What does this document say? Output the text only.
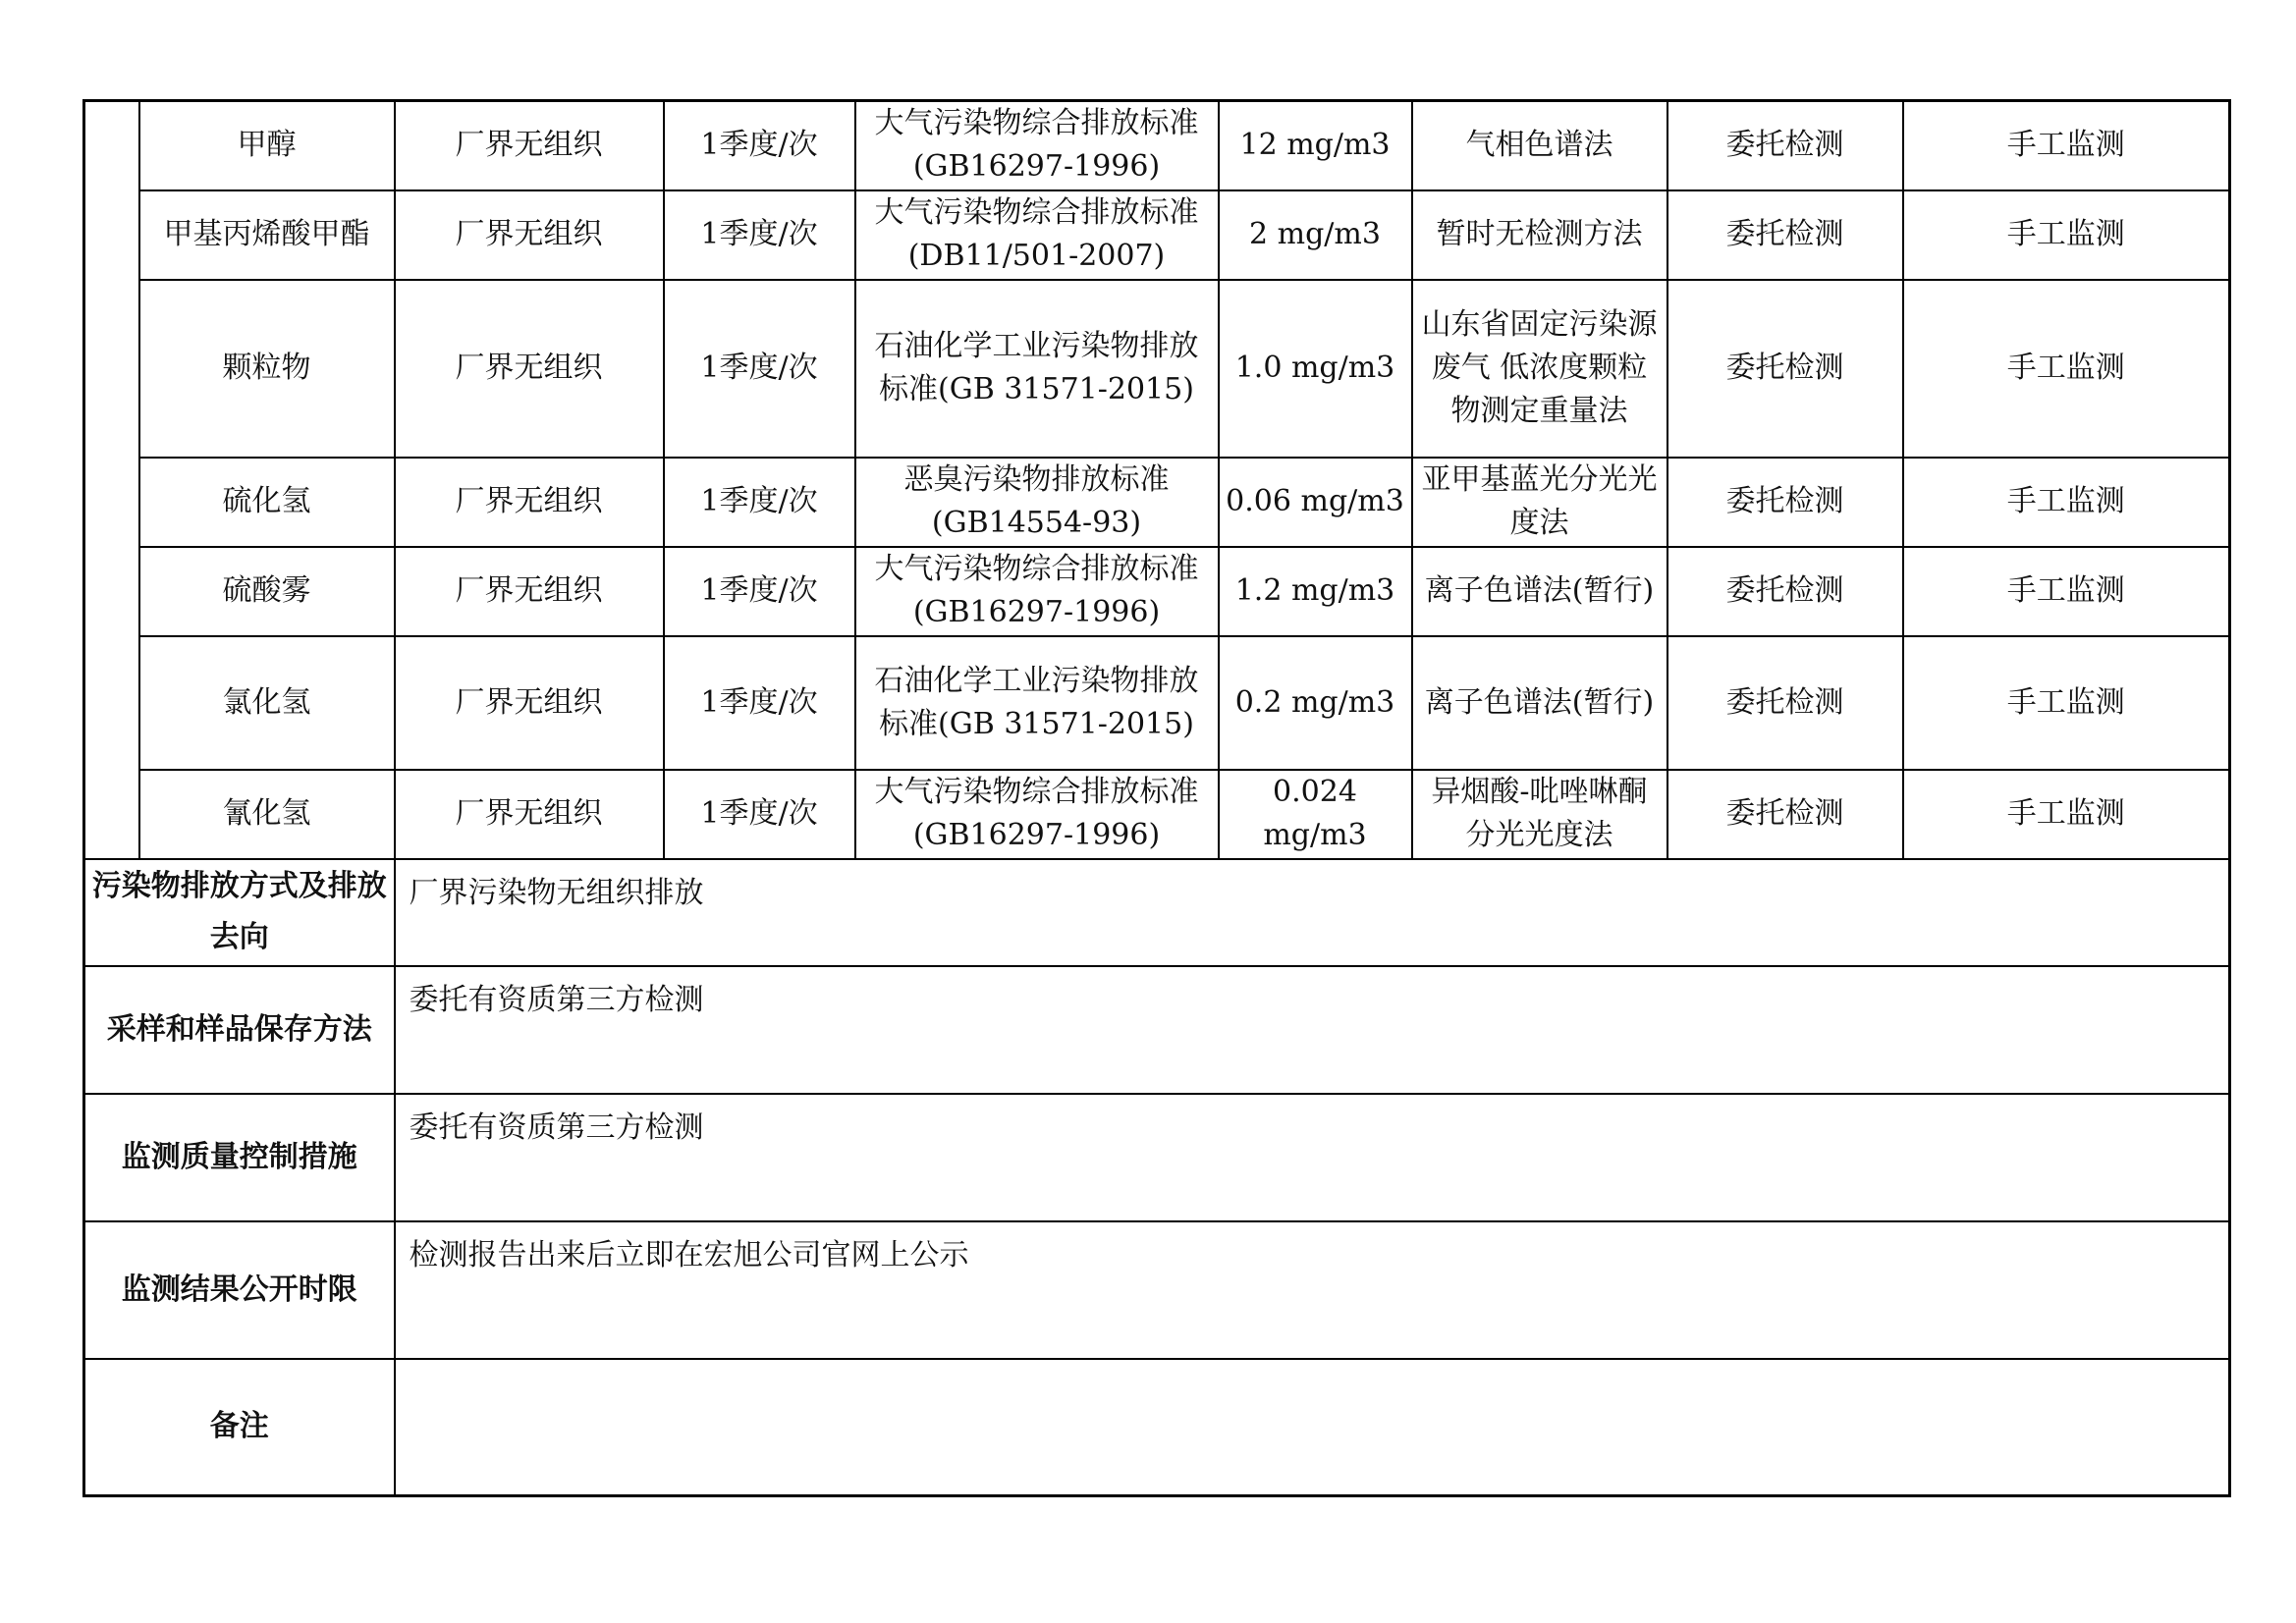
	甲醇	厂界无组织	1季度/次	大气污染物综合排放标准(GB16297-1996)	12 mg/m3	气相色谱法	委托检测	手工监测
	甲基丙烯酸甲酯	厂界无组织	1季度/次	大气污染物综合排放标准 (DB11/501-2007)	2 mg/m3	暂时无检测方法	委托检测	手工监测
	颗粒物	厂界无组织	1季度/次	石油化学工业污染物排放标准(GB 31571-2015)	1.0 mg/m3	山东省固定污染源废气 低浓度颗粒物测定重量法	委托检测	手工监测
	硫化氢	厂界无组织	1季度/次	恶臭污染物排放标准(GB14554-93)	0.06 mg/m3	亚甲基蓝光分光光度法	委托检测	手工监测
	硫酸雾	厂界无组织	1季度/次	大气污染物综合排放标准(GB16297-1996)	1.2 mg/m3	离子色谱法(暂行)	委托检测	手工监测
	氯化氢	厂界无组织	1季度/次	石油化学工业污染物排放标准(GB 31571-2015)	0.2 mg/m3	离子色谱法(暂行)	委托检测	手工监测
	氰化氢	厂界无组织	1季度/次	大气污染物综合排放标准(GB16297-1996)	0.024 mg/m3	异烟酸-吡唑啉酮分光光度法	委托检测	手工监测
污染物排放方式及排放去向		厂界污染物无组织排放						
采样和样品保存方法		委托有资质第三方检测						
监测质量控制措施		委托有资质第三方检测						
监测结果公开时限		检测报告出来后立即在宏旭公司官网上公示						
备注								
